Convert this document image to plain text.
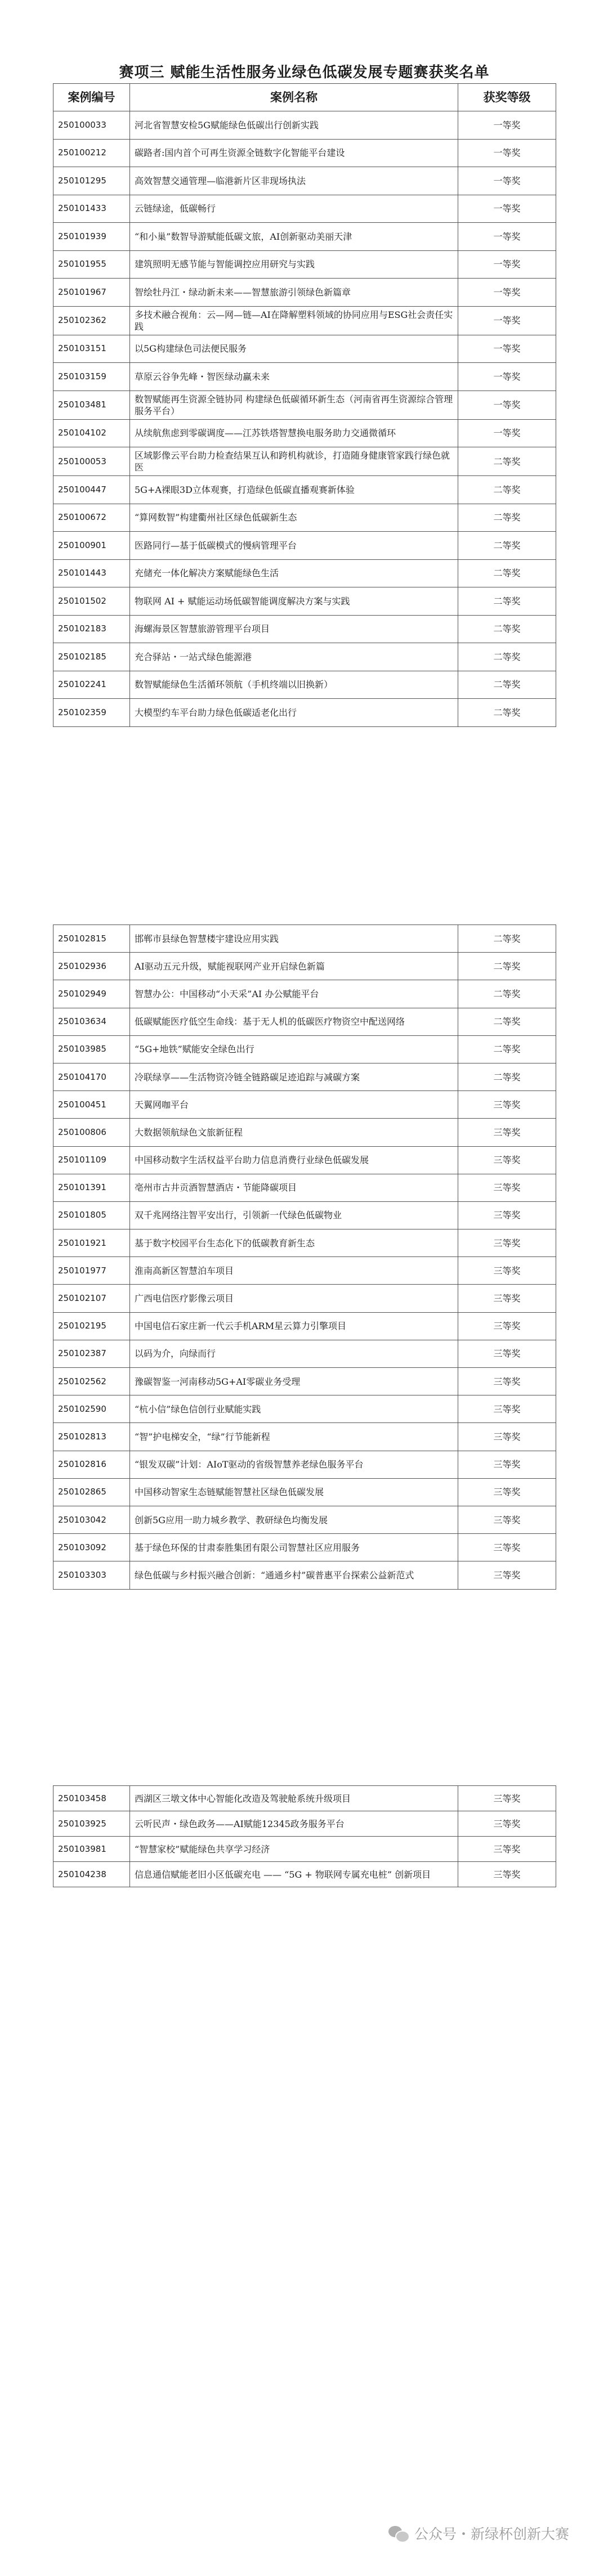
赛项三 赋能生活性服务业绿色低碳发展专题赛获奖名单
案例编号	案例名称	获奖等级
250100033	河北省智慧安检5G赋能绿色低碳出行创新实践	一等奖
250100212	碳路者:国内首个可再生资源全链数字化智能平台建设	一等奖
250101295	高效智慧交通管理—临港新片区非现场执法	一等奖
250101433	云链绿途，低碳畅行	一等奖
250101939	“和小巢”数智导游赋能低碳文旅，AI创新驱动美丽天津	一等奖
250101955	建筑照明无感节能与智能调控应用研究与实践	一等奖
250101967	智绘牡丹江・绿动新未来——智慧旅游引领绿色新篇章	一等奖
250102362	多技术融合视角：云—网—链—AI在降解塑料领域的协同应用与ESG社会责任实践	一等奖
250103151	以5G构建绿色司法便民服务	一等奖
250103159	草原云谷争先峰・智医绿动赢未来	一等奖
250103481	数智赋能再生资源全链协同 构建绿色低碳循环新生态（河南省再生资源综合管理服务平台）	一等奖
250104102	从续航焦虑到零碳调度——江苏铁塔智慧换电服务助力交通微循环	一等奖
250100053	区域影像云平台助力检查结果互认和跨机构就诊，打造随身健康管家践行绿色就医	二等奖
250100447	5G+A裸眼3D立体观赛，打造绿色低碳直播观赛新体验	二等奖
250100672	“算网数智”构建衢州社区绿色低碳新生态	二等奖
250100901	医路同行—基于低碳模式的慢病管理平台	二等奖
250101443	充储充一体化解决方案赋能绿色生活	二等奖
250101502	物联网 AI + 赋能运动场低碳智能调度解决方案与实践	二等奖
250102183	海螺海景区智慧旅游管理平台项目	二等奖
250102185	充合驿站・一站式绿色能源港	二等奖
250102241	数智赋能绿色生活循环领航（手机终端以旧换新）	二等奖
250102359	大模型约车平台助力绿色低碳适老化出行	二等奖
250102815	邯郸市县绿色智慧楼宇建设应用实践	二等奖
250102936	AI驱动五元升级，赋能视联网产业开启绿色新篇	二等奖
250102949	智慧办公：中国移动“小天采”AI 办公赋能平台	二等奖
250103634	低碳赋能医疗低空生命线：基于无人机的低碳医疗物资空中配送网络	二等奖
250103985	“5G+地铁”赋能安全绿色出行	二等奖
250104170	冷联绿享——生活物资冷链全链路碳足迹追踪与减碳方案	二等奖
250100451	天翼网咖平台	三等奖
250100806	大数据领航绿色文旅新征程	三等奖
250101109	中国移动数字生活权益平台助力信息消费行业绿色低碳发展	三等奖
250101391	亳州市古井贡酒智慧酒店・节能降碳项目	三等奖
250101805	双千兆网络注智平安出行，引领新一代绿色低碳物业	三等奖
250101921	基于数字校园平台生态化下的低碳教育新生态	三等奖
250101977	淮南高新区智慧泊车项目	三等奖
250102107	广西电信医疗影像云项目	三等奖
250102195	中国电信石家庄新一代云手机ARM星云算力引擎项目	三等奖
250102387	以码为介，向绿而行	三等奖
250102562	豫碳智鉴一河南移动5G+AI零碳业务受理	三等奖
250102590	“杭小信”绿色信创行业赋能实践	三等奖
250102813	“智”护电梯安全，“绿”行节能新程	三等奖
250102816	“银发双碳”计划：AIoT驱动的省级智慧养老绿色服务平台	三等奖
250102865	中国移动智家生态链赋能智慧社区绿色低碳发展	三等奖
250103042	创新5G应用一助力城乡教学、教研绿色均衡发展	三等奖
250103092	基于绿色环保的甘肃泰胜集团有限公司智慧社区应用服务	三等奖
250103303	绿色低碳与乡村振兴融合创新：“通通乡村”碳普惠平台探索公益新范式	三等奖
250103458	西湖区三墩文体中心智能化改造及驾驶舱系统升级项目	三等奖
250103925	云听民声・绿色政务——AI赋能12345政务服务平台	三等奖
250103981	“智慧家校”赋能绿色共享学习经济	三等奖
250104238	信息通信赋能老旧小区低碳充电 —— “5G + 物联网专属充电桩” 创新项目	三等奖
公众号・新绿杯创新大赛
